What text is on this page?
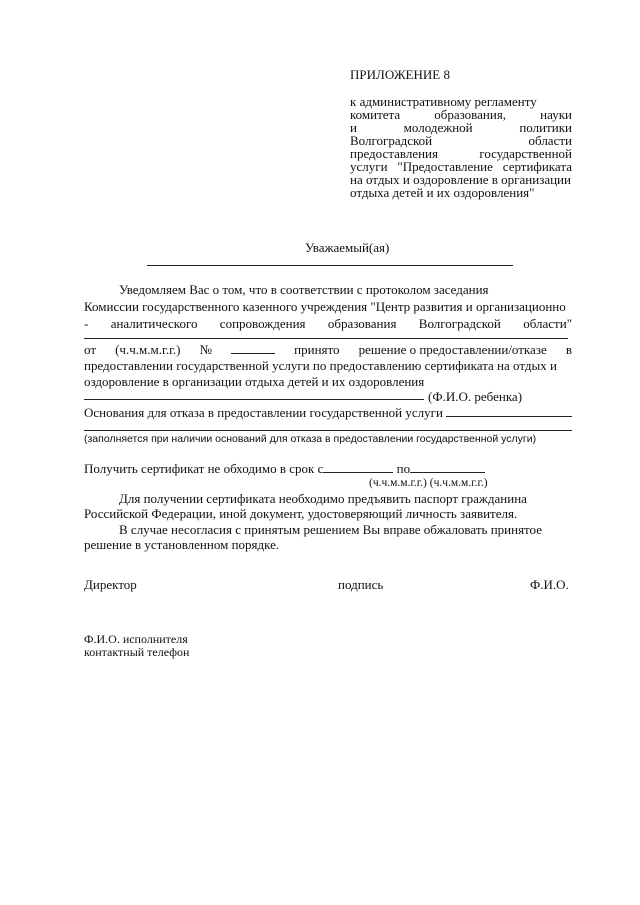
ПРИЛОЖЕНИЕ 8
к административному регламенту
комитета	образования,	науки
и	молодежной	политики
Волгоградской	области
предоставления	государственной
услуги "Предоставление сертификата
на отдых и оздоровление в организации
отдыха детей и их оздоровления"
Уважаемый(ая)
Уведомляем Вас о том, что в соответствии с протоколом заседания
Комиссии государственного казенного учреждения "Центр развития и организационно
- аналитического сопровождения образования Волгоградской области"
от (ч.ч.м.м.г.г.) №	принято решение о предоставлении/отказе в
предоставлении государственной услуги по предоставлению сертификата на отдых и
оздоровление в организации отдыха детей и их оздоровления
(Ф.И.О. ребенка)
Основания для отказа в предоставлении государственной услуги
(заполняется при наличии оснований для отказа в предоставлении государственной услуги)
Получить сертификат не обходимо в срок с	по
(ч.ч.м.м.г.г.) (ч.ч.м.м.г.г.)
Для получении сертификата необходимо предъявить паспорт гражданина
Российской Федерации, иной документ, удостоверяющий личность заявителя.
В случае несогласия с принятым решением Вы вправе обжаловать принятое
решение в установленном порядке.
Директор	подпись	Ф.И.О.
Ф.И.О. исполнителя
контактный телефон
